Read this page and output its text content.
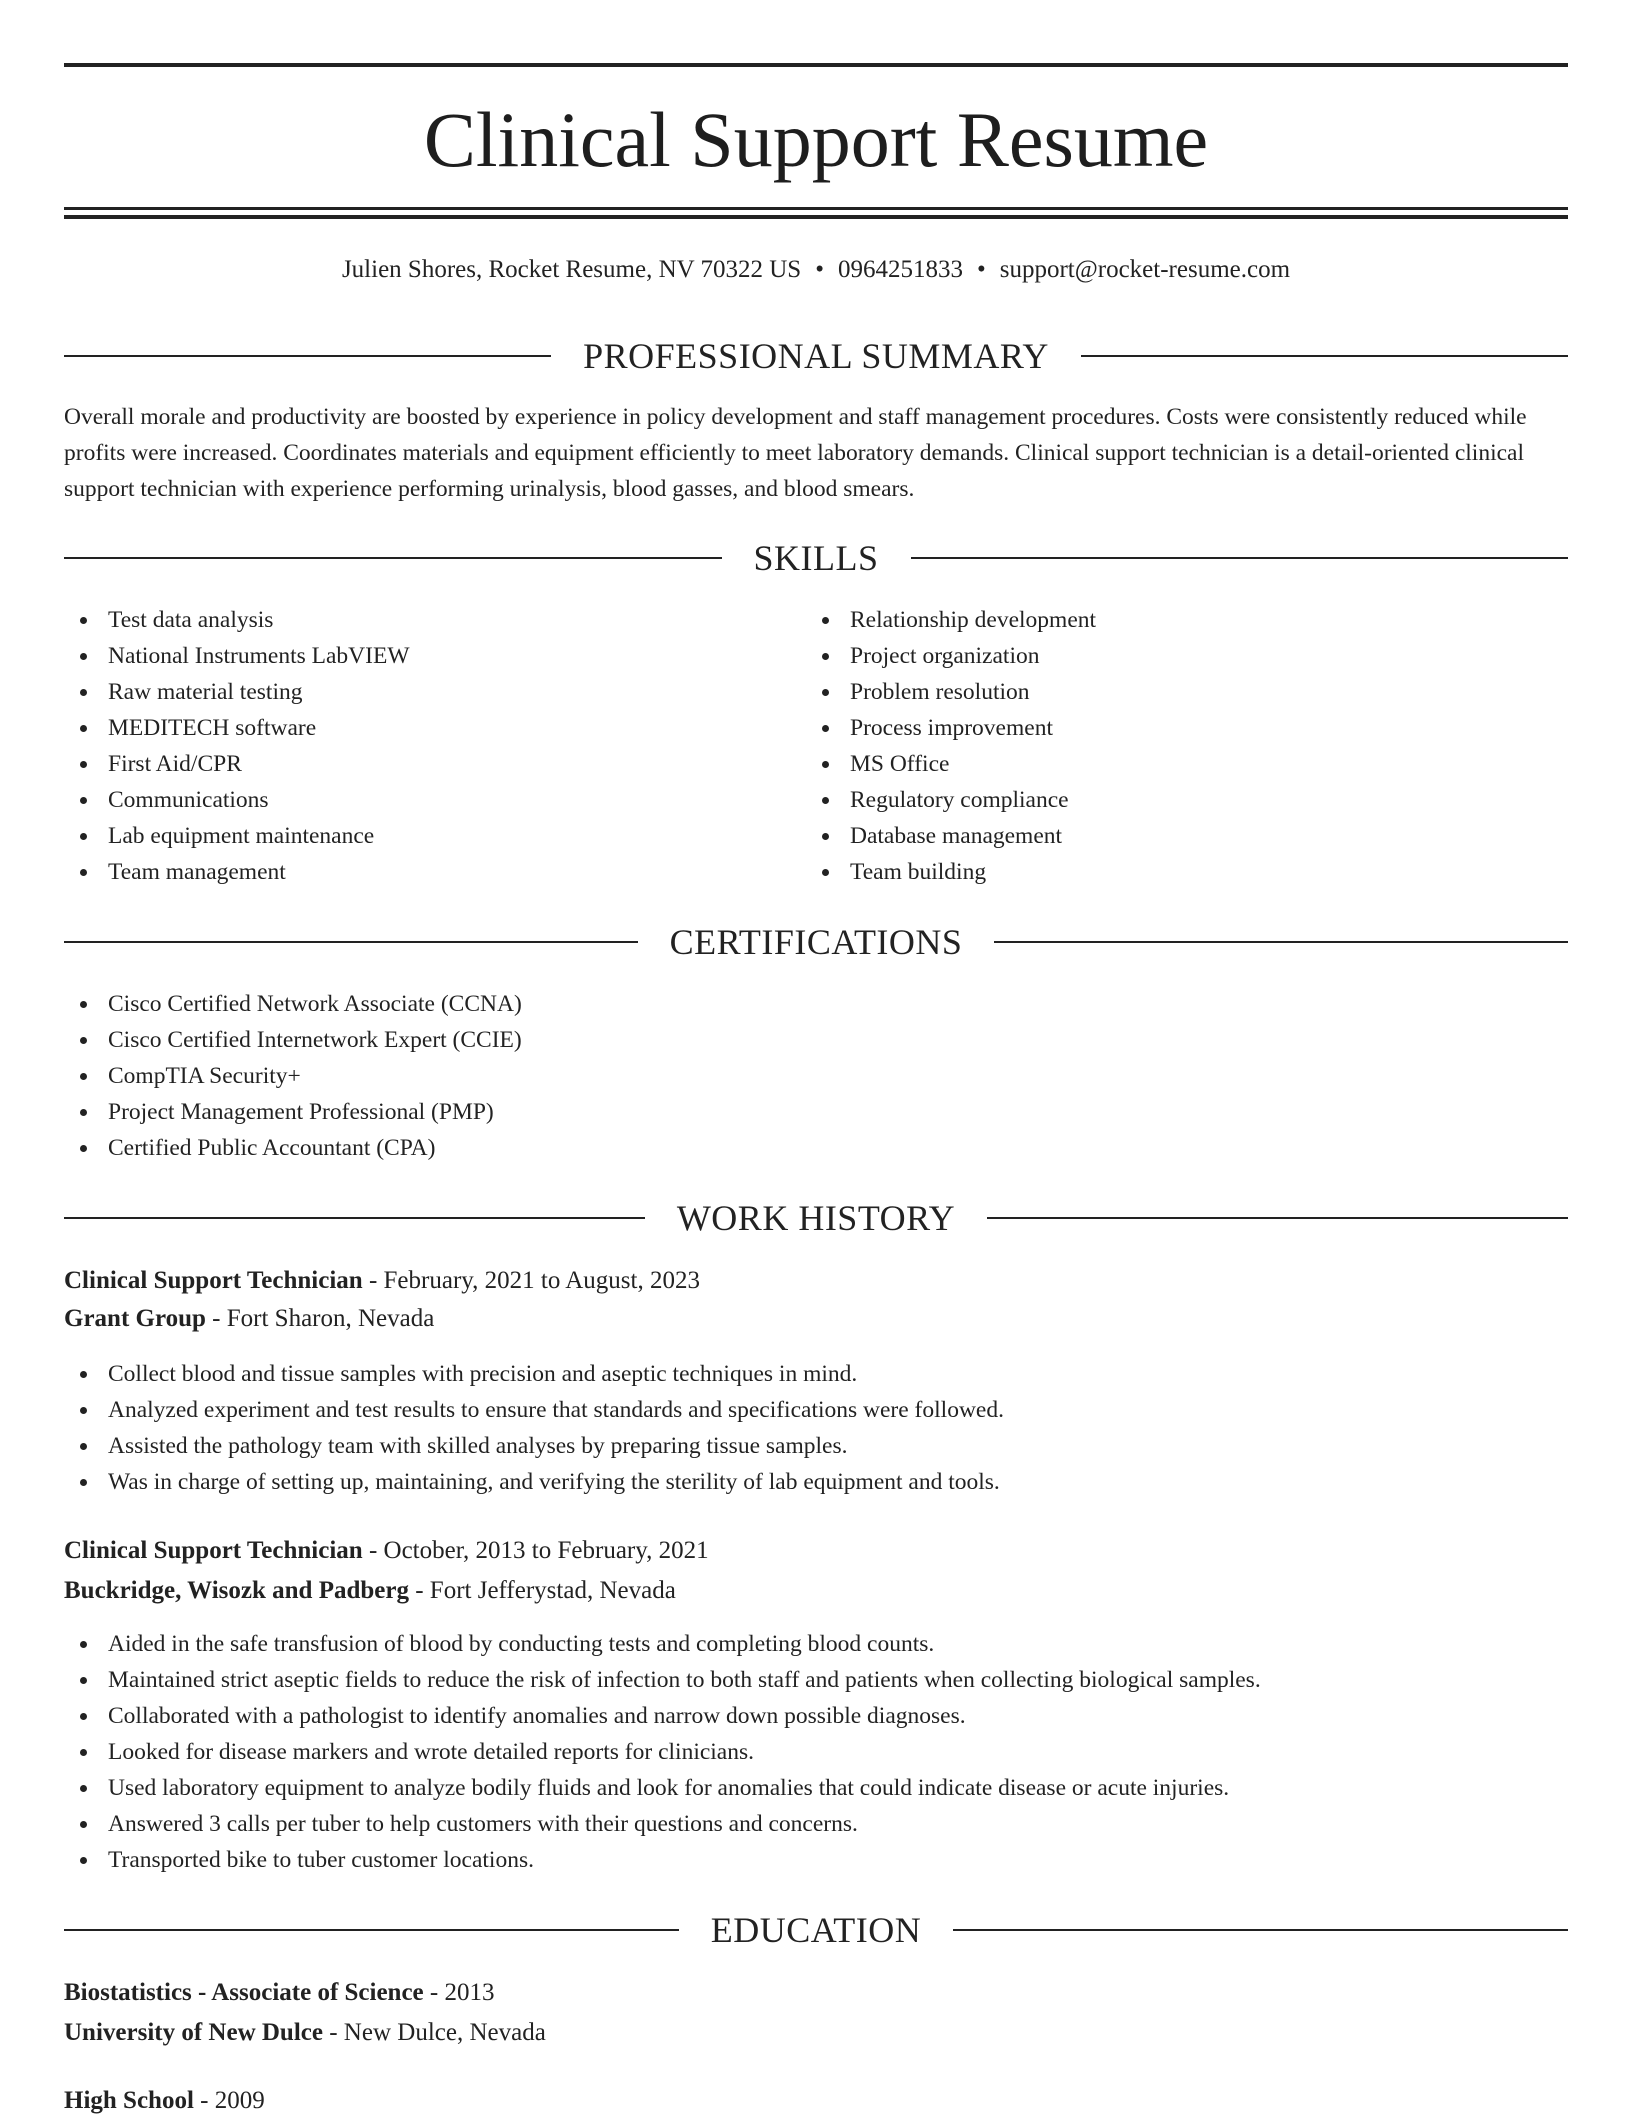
Clinical Support Resume
Julien Shores, Rocket Resume, NV 70322 US • 0964251833 • support@rocket-resume.com
PROFESSIONAL SUMMARY

Overall morale and productivity are boosted by experience in policy development and staff management procedures. Costs were consistently reduced while profits were increased. Coordinates materials and equipment efficiently to meet laboratory demands. Clinical support technician is a detail-oriented clinical support technician with experience performing urinalysis, blood gasses, and blood smears.

SKILLS
Test data analysis
National Instruments LabVIEW
Raw material testing
MEDITECH software
First Aid/CPR
Communications
Lab equipment maintenance
Team management
Relationship development
Project organization
Problem resolution
Process improvement
MS Office
Regulatory compliance
Database management
Team building
CERTIFICATIONS
Cisco Certified Network Associate (CCNA)
Cisco Certified Internetwork Expert (CCIE)
CompTIA Security+
Project Management Professional (PMP)
Certified Public Accountant (CPA)
WORK HISTORY
Clinical Support Technician - February, 2021 to August, 2023
Grant Group - Fort Sharon, Nevada
Collect blood and tissue samples with precision and aseptic techniques in mind.
Analyzed experiment and test results to ensure that standards and specifications were followed.
Assisted the pathology team with skilled analyses by preparing tissue samples.
Was in charge of setting up, maintaining, and verifying the sterility of lab equipment and tools.
Clinical Support Technician - October, 2013 to February, 2021
Buckridge, Wisozk and Padberg - Fort Jefferystad, Nevada
Aided in the safe transfusion of blood by conducting tests and completing blood counts.
Maintained strict aseptic fields to reduce the risk of infection to both staff and patients when collecting biological samples.
Collaborated with a pathologist to identify anomalies and narrow down possible diagnoses.
Looked for disease markers and wrote detailed reports for clinicians.
Used laboratory equipment to analyze bodily fluids and look for anomalies that could indicate disease or acute injuries.
Answered 3 calls per tuber to help customers with their questions and concerns.
Transported bike to tuber customer locations.
EDUCATION
Biostatistics - Associate of Science - 2013
University of New Dulce - New Dulce, Nevada
High School - 2009
